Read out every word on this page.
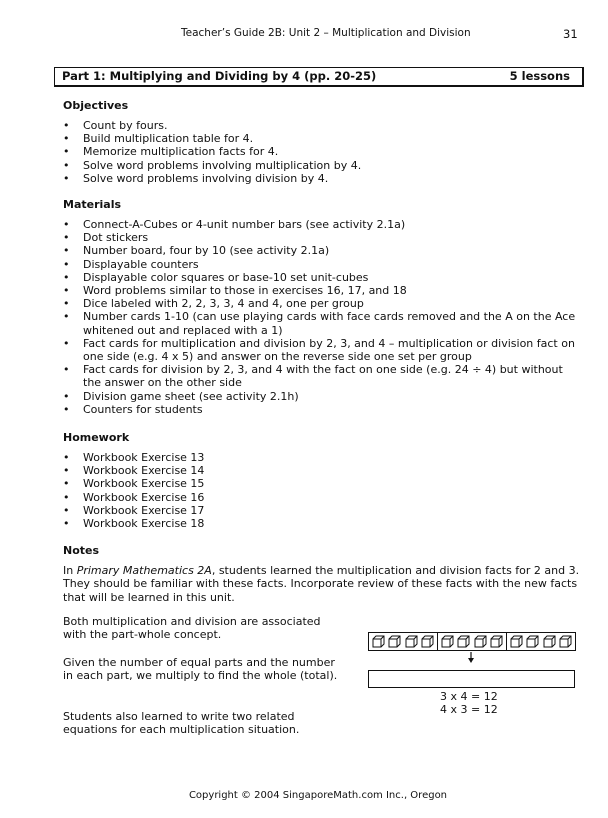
Teacher’s Guide 2B: Unit 2 – Multiplication and Division	31
Part 1: Multiplying and Dividing by 4 (pp. 20-25)	5 lessons
Objectives
• Count by fours.
• Build multiplication table for 4.
• Memorize multiplication facts for 4.
• Solve word problems involving multiplication by 4.
• Solve word problems involving division by 4.
Materials
• Connect-A-Cubes or 4-unit number bars (see activity 2.1a)
• Dot stickers
• Number board, four by 10 (see activity 2.1a)
• Displayable counters
• Displayable color squares or base-10 set unit-cubes
• Word problems similar to those in exercises 16, 17, and 18
• Dice labeled with 2, 2, 3, 3, 4 and 4, one per group
• Number cards 1-10 (can use playing cards with face cards removed and the A on the Ace whitened out and replaced with a 1)
• Fact cards for multiplication and division by 2, 3, and 4 – multiplication or division fact on one side (e.g. 4 x 5) and answer on the reverse side one set per group
• Fact cards for division by 2, 3, and 4 with the fact on one side (e.g. 24 ÷ 4) but without the answer on the other side
• Division game sheet (see activity 2.1h)
• Counters for students
Homework
• Workbook Exercise 13
• Workbook Exercise 14
• Workbook Exercise 15
• Workbook Exercise 16
• Workbook Exercise 17
• Workbook Exercise 18
Notes
In Primary Mathematics 2A, students learned the multiplication and division facts for 2 and 3. They should be familiar with these facts. Incorporate review of these facts with the new facts that will be learned in this unit.
Both multiplication and division are associated with the part-whole concept.
Given the number of equal parts and the number in each part, we multiply to find the whole (total).
Students also learned to write two related equations for each multiplication situation.
3 x 4 = 12
4 x 3 = 12
Copyright © 2004 SingaporeMath.com Inc., Oregon
